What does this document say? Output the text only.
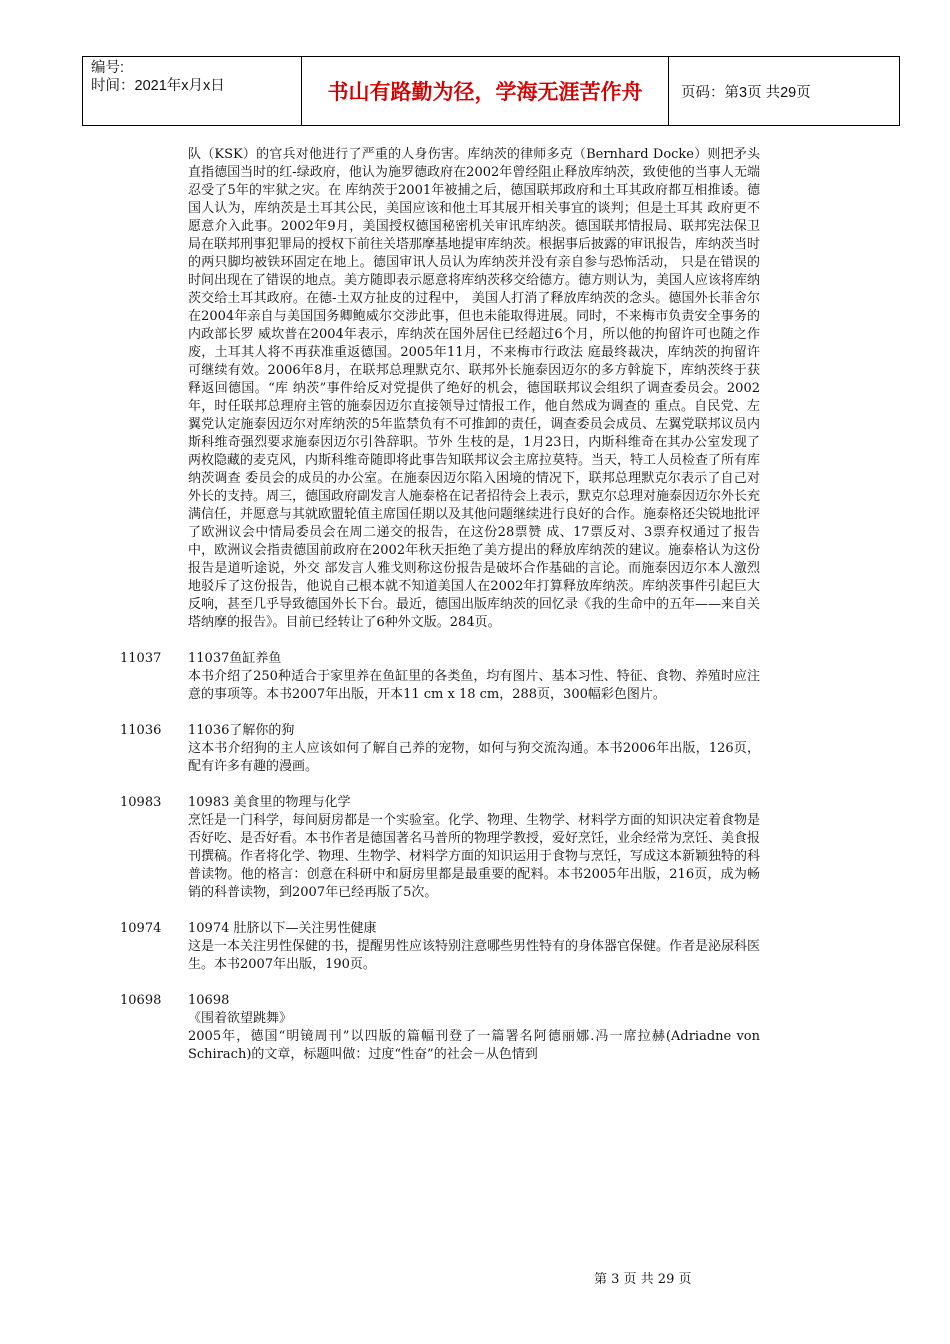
编号:
时间：2021年x月x日	书山有路勤为径，学海无涯苦作舟	页码：第3页 共29页
队（KSK）的官兵对他进行了严重的人身伤害。库纳茨的律师多克（Bernhard Docke）则把矛头直指德国当时的红-绿政府，他认为施罗德政府在2002年曾经阻止释放库纳茨，致使他的当事人无端忍受了5年的牢狱之灾。在 库纳茨于2001年被捕之后，德国联邦政府和土耳其政府都互相推诿。德国人认为，库纳茨是土耳其公民，美国应该和他土耳其展开相关事宜的谈判；但是土耳其 政府更不愿意介入此事。2002年9月，美国授权德国秘密机关审讯库纳茨。德国联邦情报局、联邦宪法保卫局在联邦刑事犯罪局的授权下前往关塔那摩基地提审库纳茨。根据事后披露的审讯报告，库纳茨当时的两只脚均被铁环固定在地上。德国审讯人员认为库纳茨并没有亲自参与恐怖活动， 只是在错误的时间出现在了错误的地点。美方随即表示愿意将库纳茨移交给德方。德方则认为，美国人应该将库纳茨交给土耳其政府。在德-土双方扯皮的过程中， 美国人打消了释放库纳茨的念头。德国外长菲舍尔在2004年亲自与美国国务卿鲍威尔交涉此事，但也未能取得进展。同时，不来梅市负责安全事务的内政部长罗 威坎普在2004年表示，库纳茨在国外居住已经超过6个月，所以他的拘留许可也随之作废，土耳其人将不再获准重返德国。2005年11月，不来梅市行政法 庭最终裁决，库纳茨的拘留许可继续有效。2006年8月，在联邦总理默克尔、联邦外长施泰因迈尔的多方斡旋下，库纳茨终于获释返回德国。“库 纳茨”事件给反对党提供了绝好的机会，德国联邦议会组织了调查委员会。2002年，时任联邦总理府主管的施泰因迈尔直接领导过情报工作，他自然成为调查的 重点。自民党、左翼党认定施泰因迈尔对库纳茨的5年监禁负有不可推卸的责任，调查委员会成员、左翼党联邦议员内斯科维奇强烈要求施泰因迈尔引咎辞职。节外 生枝的是，1月23日，内斯科维奇在其办公室发现了两枚隐藏的麦克风，内斯科维奇随即将此事告知联邦议会主席拉莫特。当天，特工人员检查了所有库纳茨调查 委员会的成员的办公室。在施泰因迈尔陷入困境的情况下，联邦总理默克尔表示了自己对外长的支持。周三，德国政府副发言人施泰格在记者招待会上表示，默克尔总理对施泰因迈尔外长充 满信任，并愿意与其就欧盟轮值主席国任期以及其他问题继续进行良好的合作。施泰格还尖锐地批评了欧洲议会中情局委员会在周二递交的报告，在这份28票赞 成、17票反对、3票弃权通过了报告中，欧洲议会指责德国前政府在2002年秋天拒绝了美方提出的释放库纳茨的建议。施泰格认为这份报告是道听途说，外交 部发言人雅戈则称这份报告是破坏合作基础的言论。而施泰因迈尔本人激烈地驳斥了这份报告，他说自己根本就不知道美国人在2002年打算释放库纳茨。库纳茨事件引起巨大反响，甚至几乎导致德国外长下台。最近，德国出版库纳茨的回忆录《我的生命中的五年——来自关塔纳摩的报告》。目前已经转让了6种外文版。284页。
11037	11037鱼缸养鱼
本书介绍了250种适合于家里养在鱼缸里的各类鱼，均有图片、基本习性、特征、食物、养殖时应注意的事项等。本书2007年出版，开本11 cm x 18 cm，288页，300幅彩色图片。
11036	11036了解你的狗
这本书介绍狗的主人应该如何了解自己养的宠物，如何与狗交流沟通。本书2006年出版，126页，配有许多有趣的漫画。
10983	10983 美食里的物理与化学
烹饪是一门科学，每间厨房都是一个实验室。化学、物理、生物学、材料学方面的知识决定着食物是否好吃、是否好看。本书作者是德国著名马普所的物理学教授，爱好烹饪，业余经常为烹饪、美食报刊撰稿。作者将化学、物理、生物学、材料学方面的知识运用于食物与烹饪，写成这本新颖独特的科普读物。他的格言：创意在科研中和厨房里都是最重要的配料。本书2005年出版，216页，成为畅销的科普读物，到2007年已经再版了5次。
10974	10974 肚脐以下—关注男性健康
这是一本关注男性保健的书，提醒男性应该特别注意哪些男性特有的身体器官保健。作者是泌尿科医生。本书2007年出版，190页。
10698	10698
《围着欲望跳舞》
2005年，德国“明镜周刊”以四版的篇幅刊登了一篇署名阿德丽娜.冯一席拉赫(Adriadne von Schirach)的文章，标题叫做：过度“性奋”的社会－从色情到
第 3 页 共 29 页
